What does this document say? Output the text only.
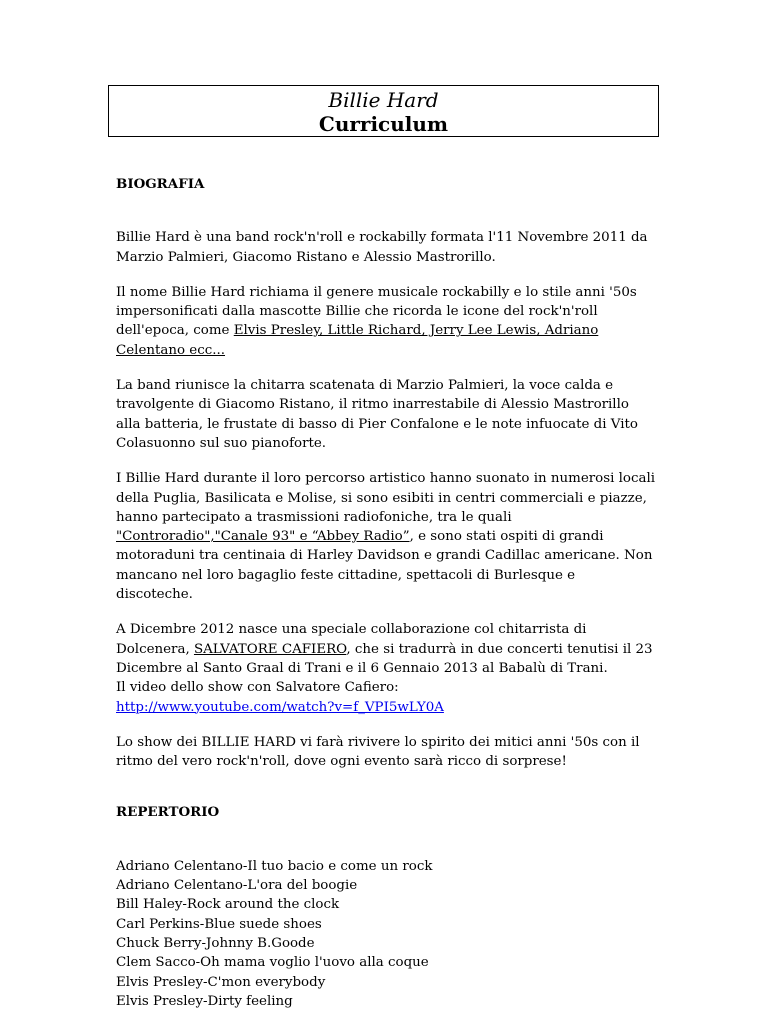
Billie Hard
Curriculum

BIOGRAFIA

Billie Hard è una band rock'n'roll e rockabilly formata l'11 Novembre 2011 da Marzio Palmieri, Giacomo Ristano e Alessio Mastrorillo.

Il nome Billie Hard richiama il genere musicale rockabilly e lo stile anni '50s impersonificati dalla mascotte Billie che ricorda le icone del rock'n'roll dell'epoca, come Elvis Presley, Little Richard, Jerry Lee Lewis, Adriano Celentano ecc...

La band riunisce la chitarra scatenata di Marzio Palmieri, la voce calda e travolgente di Giacomo Ristano, il ritmo inarrestabile di Alessio Mastrorillo alla batteria, le frustate di basso di Pier Confalone e le note infuocate di Vito Colasuonno sul suo pianoforte.

I Billie Hard durante il loro percorso artistico hanno suonato in numerosi locali della Puglia, Basilicata e Molise, si sono esibiti in centri commerciali e piazze, hanno partecipato a trasmissioni radiofoniche, tra le quali "Controradio","Canale 93" e “Abbey Radio”, e sono stati ospiti di grandi motoraduni tra centinaia di Harley Davidson e grandi Cadillac americane. Non mancano nel loro bagaglio feste cittadine, spettacoli di Burlesque e discoteche.

A Dicembre 2012 nasce una speciale collaborazione col chitarrista di Dolcenera, SALVATORE CAFIERO, che si tradurrà in due concerti tenutisi il 23 Dicembre al Santo Graal di Trani e il 6 Gennaio 2013 al Babalù di Trani.
Il video dello show con Salvatore Cafiero:
http://www.youtube.com/watch?v=f_VPI5wLY0A

Lo show dei BILLIE HARD vi farà rivivere lo spirito dei mitici anni '50s con il ritmo del vero rock'n'roll, dove ogni evento sarà ricco di sorprese!

REPERTORIO

Adriano Celentano-Il tuo bacio e come un rock
Adriano Celentano-L'ora del boogie
Bill Haley-Rock around the clock
Carl Perkins-Blue suede shoes
Chuck Berry-Johnny B.Goode
Clem Sacco-Oh mama voglio l'uovo alla coque
Elvis Presley-C'mon everybody
Elvis Presley-Dirty feeling
